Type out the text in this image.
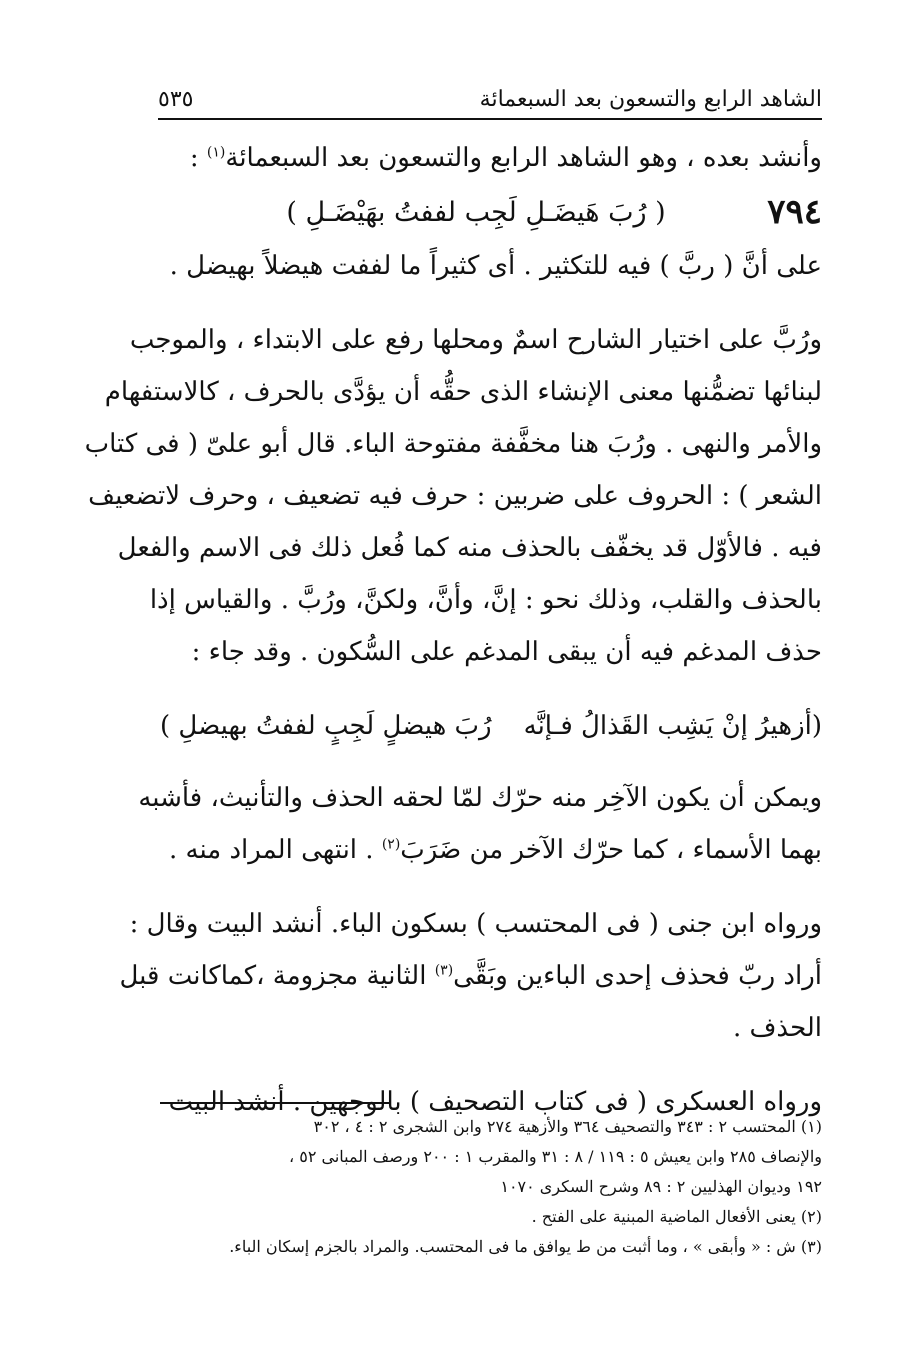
الشاهد الرابع والتسعون بعد السبعمائة
٥٣٥
وأنشد بعده ، وهو الشاهد الرابع والتسعون بعد السبعمائة$^{(١)}$ :
٧٩٤
( رُبَ هَيضَـلِ لَجِب لففتُ بهَيْضَـلِ )
على أنَّ ( ربَّ ) فيه للتكثير . أى كثيراً ما لففت هيضلاً بهيضل .
ورُبَّ على اختيار الشارح اسمٌ ومحلها رفع على الابتداء ، والموجب
لبنائها تضمُّنها معنى الإنشاء الذى حقُّه أن يؤدَّى بالحرف ، كالاستفهام
والأمر والنهى . ورُبَ هنا مخفَّفة مفتوحة الباء. قال أبو علىّ ( فى كتاب
الشعر ) : الحروف على ضربين : حرف فيه تضعيف ، وحرف لاتضعيف
فيه . فالأوّل قد يخفّف بالحذف منه كما فُعل ذلك فى الاسم والفعل
بالحذف والقلب، وذلك نحو : إنَّ، وأنَّ، ولكنَّ، ورُبَّ . والقياس إذا
حذف المدغم فيه أن يبقى المدغم على السُّكون . وقد جاء :
(أزهيرُ إنْ يَشِب القَذالُ فـإنَّه
رُبَ هيضلٍ لَجِبٍ لففتُ بهيضلِ )
ويمكن أن يكون الآخِر منه حرّك لمّا لحقه الحذف والتأنيث، فأشبه
بهما الأسماء ، كما حرّك الآخر من ضَرَبَ$^{(٢)}$ . انتهى المراد منه .
ورواه ابن جنى ( فى المحتسب ) بسكون الباء. أنشد البيت وقال :
أراد ربّ فحذف إحدى الباءين وبَقَّى$^{(٣)}$ الثانية مجزومة ،كماكانت قبل
الحذف .
ورواه العسكرى ( فى كتاب التصحيف ) بالوجهين . أنشد البيت
(١) المحتسب ٢ : ٣٤٣ والتصحيف ٣٦٤ والأزهية ٢٧٤ وابن الشجرى ٢ : ٤ ، ٣٠٢
والإنصاف ٢٨٥ وابن يعيش ٥ : ١١٩ / ٨ : ٣١ والمقرب ١ : ٢٠٠ ورصف المبانى ٥٢ ،
١٩٢ وديوان الهذليين ٢ : ٨٩ وشرح السكرى ١٠٧٠
(٢) يعنى الأفعال الماضية المبنية على الفتح .
(٣) ش : « وأبقى » ، وما أثبت من ط يوافق ما فى المحتسب. والمراد بالجزم إسكان الباء.
